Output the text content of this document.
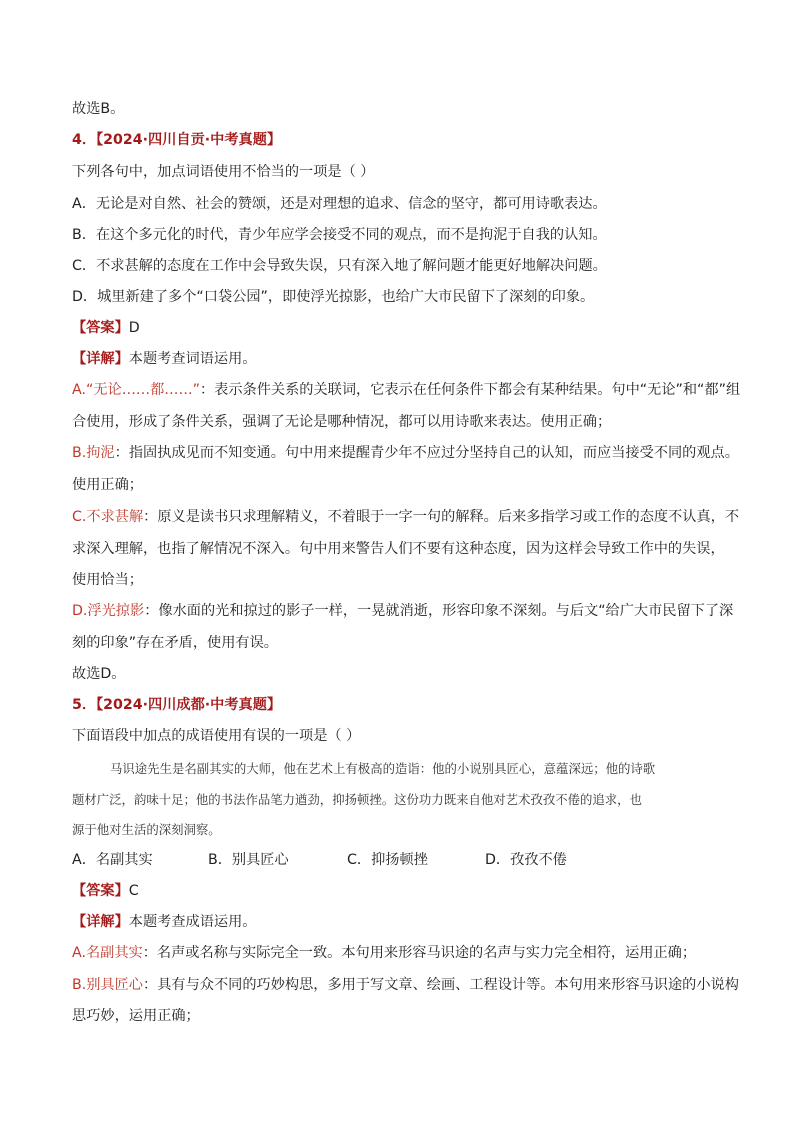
故选B。
4．【2024·四川自贡·中考真题】
下列各句中，加点词语使用不恰当的一项是（ ）
A．无论是对自然、社会的赞颂，还是对理想的追求、信念的坚守，都可用诗歌表达。
B．在这个多元化的时代，青少年应学会接受不同的观点，而不是拘泥于自我的认知。
C．不求甚解的态度在工作中会导致失误，只有深入地了解问题才能更好地解决问题。
D．城里新建了多个“口袋公园”，即使浮光掠影，也给广大市民留下了深刻的印象。
【答案】D
【详解】本题考查词语运用。
A.“无论……都……”：表示条件关系的关联词，它表示在任何条件下都会有某种结果。句中“无论”和“都”组
合使用，形成了条件关系，强调了无论是哪种情况，都可以用诗歌来表达。使用正确；
B.拘泥：指固执成见而不知变通。句中用来提醒青少年不应过分坚持自己的认知，而应当接受不同的观点。
使用正确；
C.不求甚解：原义是读书只求理解精义，不着眼于一字一句的解释。后来多指学习或工作的态度不认真，不
求深入理解，也指了解情况不深入。句中用来警告人们不要有这种态度，因为这样会导致工作中的失误，
使用恰当；
D.浮光掠影：像水面的光和掠过的影子一样，一晃就消逝，形容印象不深刻。与后文“给广大市民留下了深
刻的印象”存在矛盾，使用有误。
故选D。
5．【2024·四川成都·中考真题】
下面语段中加点的成语使用有误的一项是（ ）
马识途先生是名副其实的大师，他在艺术上有极高的造诣：他的小说别具匠心，意蕴深远；他的诗歌
题材广泛，韵味十足；他的书法作品笔力遒劲，抑扬顿挫。这份功力既来自他对艺术孜孜不倦的追求，也
源于他对生活的深刻洞察。
A．名副其实	B．别具匠心	C．抑扬顿挫	D．孜孜不倦
【答案】C
【详解】本题考查成语运用。
A.名副其实：名声或名称与实际完全一致。本句用来形容马识途的名声与实力完全相符，运用正确；
B.别具匠心：具有与众不同的巧妙构思，多用于写文章、绘画、工程设计等。本句用来形容马识途的小说构
思巧妙，运用正确；
